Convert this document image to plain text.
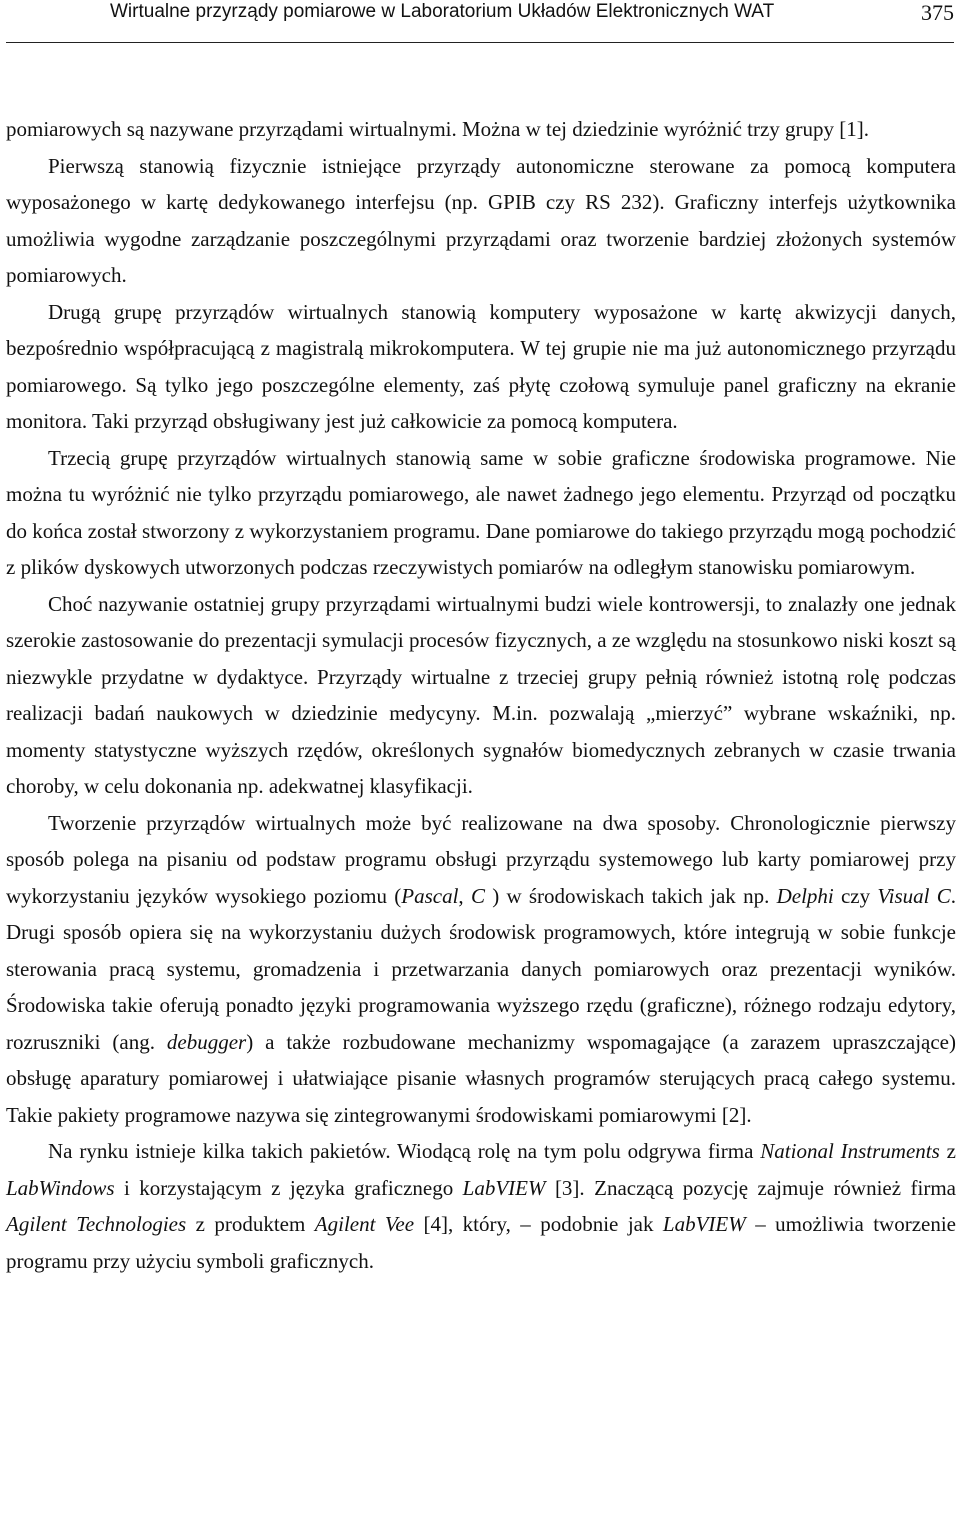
Wirtualne przyrządy pomiarowe w Laboratorium Układów Elektronicznych WAT	375

pomiarowych są nazywane przyrządami wirtualnymi. Można w tej dziedzinie wyróżnić trzy grupy [1].

Pierwszą stanowią fizycznie istniejące przyrządy autonomiczne sterowane za pomocą komputera wyposażonego w kartę dedykowanego interfejsu (np. GPIB czy RS 232). Graficzny interfejs użytkownika umożliwia wygodne zarządzanie poszczególnymi przyrządami oraz tworzenie bardziej złożonych systemów pomiarowych.

Drugą grupę przyrządów wirtualnych stanowią komputery wyposażone w kartę akwizycji danych, bezpośrednio współpracującą z magistralą mikrokomputera. W tej grupie nie ma już autonomicznego przyrządu pomiarowego. Są tylko jego poszczególne elementy, zaś płytę czołową symuluje panel graficzny na ekranie monitora. Taki przyrząd obsługiwany jest już całkowicie za pomocą komputera.

Trzecią grupę przyrządów wirtualnych stanowią same w sobie graficzne środowiska programowe. Nie można tu wyróżnić nie tylko przyrządu pomiarowego, ale nawet żadnego jego elementu. Przyrząd od początku do końca został stworzony z wykorzystaniem programu. Dane pomiarowe do takiego przyrządu mogą pochodzić z plików dyskowych utworzonych podczas rzeczywistych pomiarów na odległym stanowisku pomiarowym.

Choć nazywanie ostatniej grupy przyrządami wirtualnymi budzi wiele kontrowersji, to znalazły one jednak szerokie zastosowanie do prezentacji symulacji procesów fizycznych, a ze względu na stosunkowo niski koszt są niezwykle przydatne w dydaktyce. Przyrządy wirtualne z trzeciej grupy pełnią również istotną rolę podczas realizacji badań naukowych w dziedzinie medycyny. M.in. pozwalają „mierzyć” wybrane wskaźniki, np. momenty statystyczne wyższych rzędów, określonych sygnałów biomedycznych zebranych w czasie trwania choroby, w celu dokonania np. adekwatnej klasyfikacji.

Tworzenie przyrządów wirtualnych może być realizowane na dwa sposoby. Chronologicznie pierwszy sposób polega na pisaniu od podstaw programu obsługi przyrządu systemowego lub karty pomiarowej przy wykorzystaniu języków wysokiego poziomu (Pascal, C ) w środowiskach takich jak np. Delphi czy Visual C. Drugi sposób opiera się na wykorzystaniu dużych środowisk programowych, które integrują w sobie funkcje sterowania pracą systemu, gromadzenia i przetwarzania danych pomiarowych oraz prezentacji wyników. Środowiska takie oferują ponadto języki programowania wyższego rzędu (graficzne), różnego rodzaju edytory, rozruszniki (ang. debugger) a także rozbudowane mechanizmy wspomagające (a zarazem upraszczające) obsługę aparatury pomiarowej i ułatwiające pisanie własnych programów sterujących pracą całego systemu. Takie pakiety programowe nazywa się zintegrowanymi środowiskami pomiarowymi [2].

Na rynku istnieje kilka takich pakietów. Wiodącą rolę na tym polu odgrywa firma National Instruments z LabWindows i korzystającym z języka graficznego LabVIEW [3]. Znaczącą pozycję zajmuje również firma Agilent Technologies z produktem Agilent Vee [4], który, – podobnie jak LabVIEW – umożliwia tworzenie programu przy użyciu symboli graficznych.
